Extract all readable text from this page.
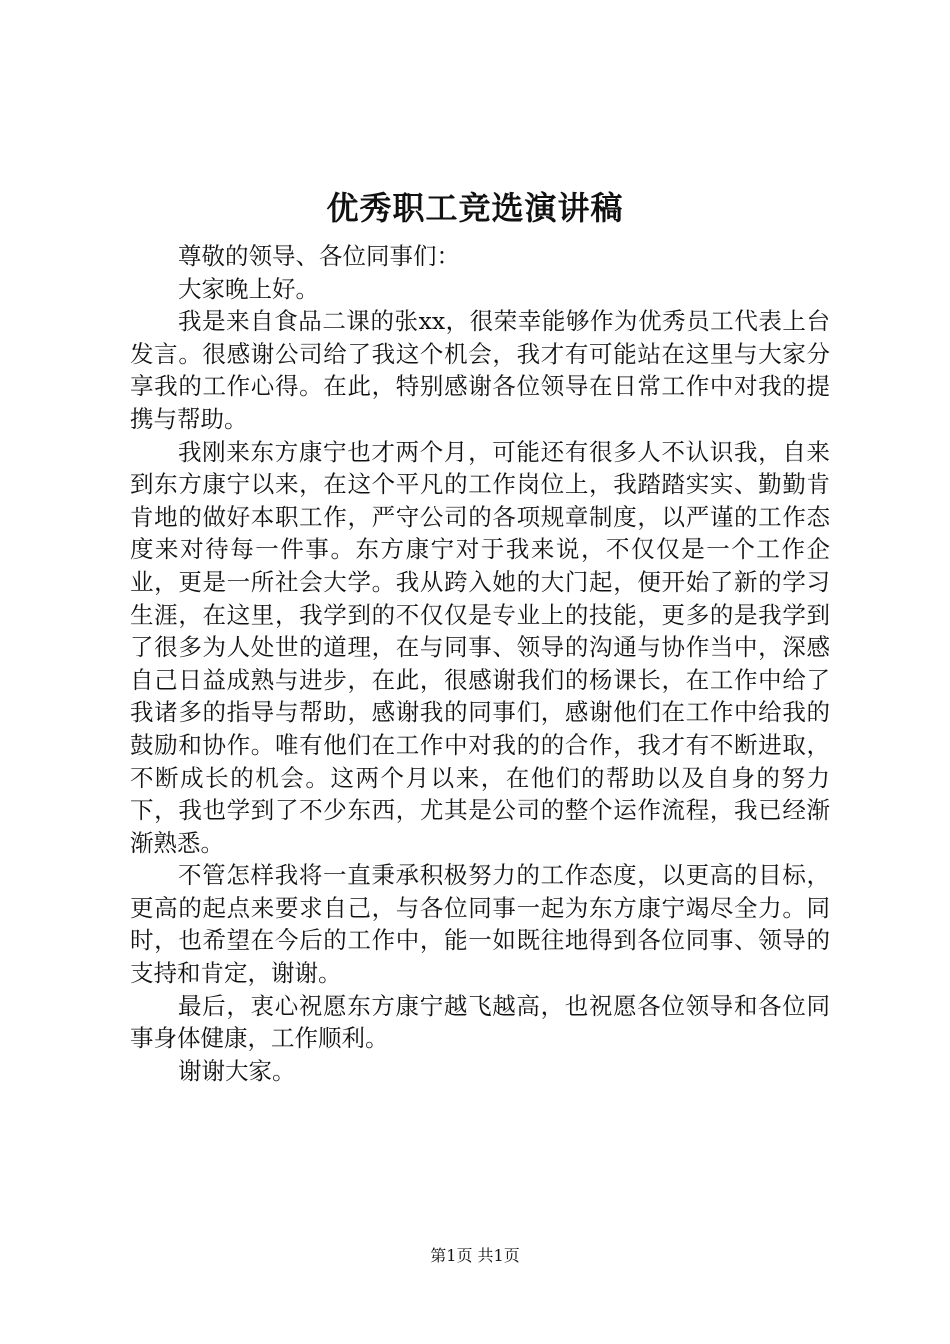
优秀职工竞选演讲稿

尊敬的领导、各位同事们：

大家晚上好。

我是来自食品二课的张xx，很荣幸能够作为优秀员工代表上台发言。很感谢公司给了我这个机会，我才有可能站在这里与大家分享我的工作心得。在此，特别感谢各位领导在日常工作中对我的提携与帮助。

我刚来东方康宁也才两个月，可能还有很多人不认识我，自来到东方康宁以来，在这个平凡的工作岗位上，我踏踏实实、勤勤肯肯地的做好本职工作，严守公司的各项规章制度，以严谨的工作态度来对待每一件事。东方康宁对于我来说，不仅仅是一个工作企业，更是一所社会大学。我从跨入她的大门起，便开始了新的学习生涯，在这里，我学到的不仅仅是专业上的技能，更多的是我学到了很多为人处世的道理，在与同事、领导的沟通与协作当中，深感自己日益成熟与进步，在此，很感谢我们的杨课长，在工作中给了我诸多的指导与帮助，感谢我的同事们，感谢他们在工作中给我的鼓励和协作。唯有他们在工作中对我的的合作，我才有不断进取，不断成长的机会。这两个月以来，在他们的帮助以及自身的努力下，我也学到了不少东西，尤其是公司的整个运作流程，我已经渐渐熟悉。

不管怎样我将一直秉承积极努力的工作态度，以更高的目标，更高的起点来要求自己，与各位同事一起为东方康宁竭尽全力。同时，也希望在今后的工作中，能一如既往地得到各位同事、领导的支持和肯定，谢谢。

最后，衷心祝愿东方康宁越飞越高，也祝愿各位领导和各位同事身体健康，工作顺利。

谢谢大家。

第1页 共1页
